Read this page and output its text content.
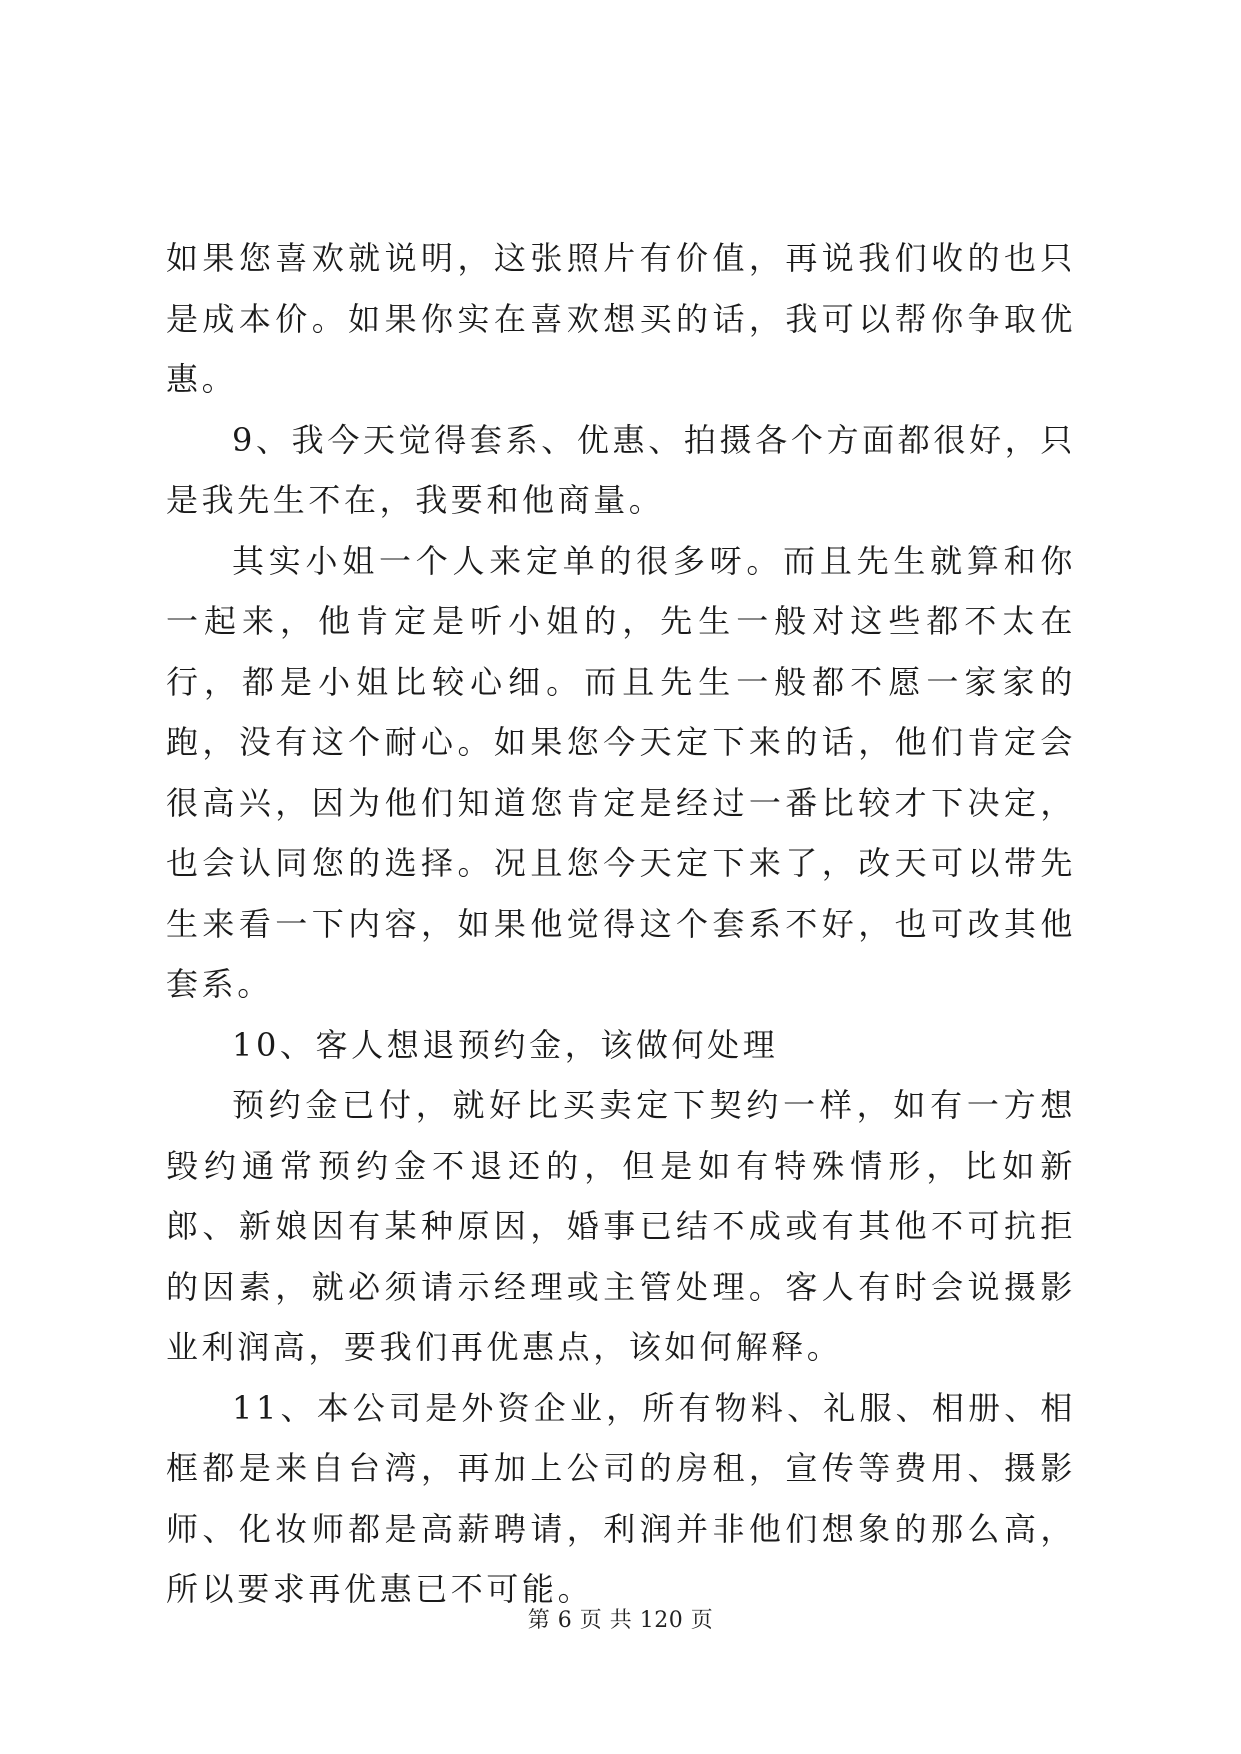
如果您喜欢就说明，这张照片有价值，再说我们收的也只是成本价。如果你实在喜欢想买的话，我可以帮你争取优惠。

9、我今天觉得套系、优惠、拍摄各个方面都很好，只是我先生不在，我要和他商量。

其实小姐一个人来定单的很多呀。而且先生就算和你一起来，他肯定是听小姐的，先生一般对这些都不太在行，都是小姐比较心细。而且先生一般都不愿一家家的跑，没有这个耐心。如果您今天定下来的话，他们肯定会很高兴，因为他们知道您肯定是经过一番比较才下决定，也会认同您的选择。况且您今天定下来了，改天可以带先生来看一下内容，如果他觉得这个套系不好，也可改其他套系。

10、客人想退预约金，该做何处理

预约金已付，就好比买卖定下契约一样，如有一方想毁约通常预约金不退还的，但是如有特殊情形，比如新郎、新娘因有某种原因，婚事已结不成或有其他不可抗拒的因素，就必须请示经理或主管处理。客人有时会说摄影业利润高，要我们再优惠点，该如何解释。

11、本公司是外资企业，所有物料、礼服、相册、相框都是来自台湾，再加上公司的房租，宣传等费用、摄影师、化妆师都是高薪聘请，利润并非他们想象的那么高，所以要求再优惠已不可能。

第 6 页 共 120 页
